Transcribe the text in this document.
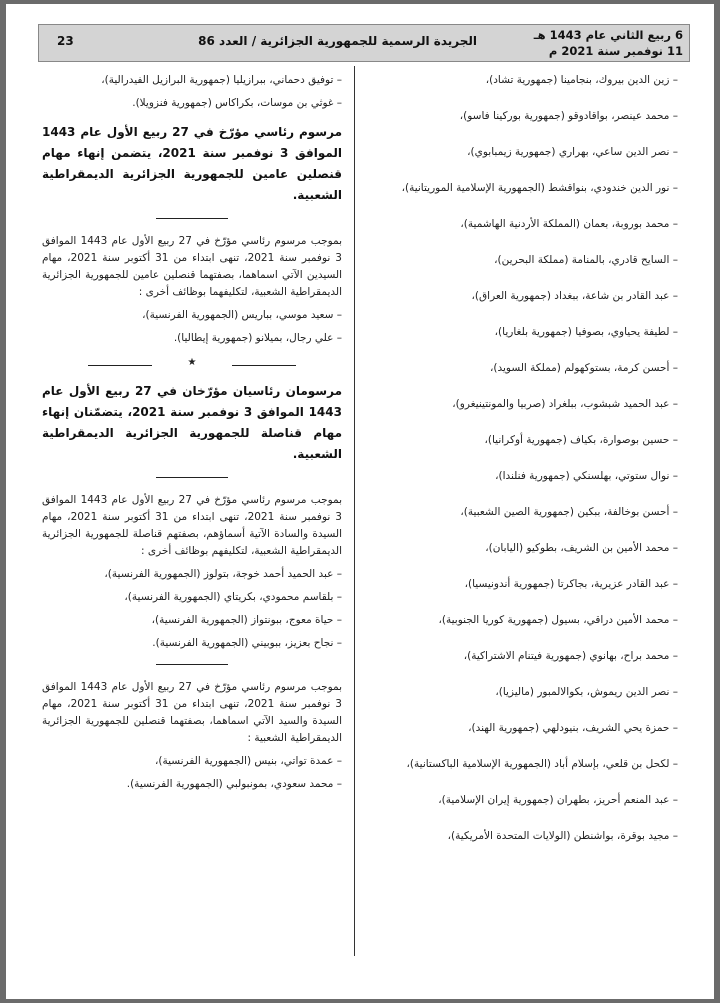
6 ربيع الثاني عام 1443 هـ
11 نوفمبر سنة 2021 م
الجريدة الرسمية للجمهورية الجزائرية / العدد 86
23

– زين الدين بيروك، بنجامينا (جمهورية تشاد)،

– محمد عينصر، بواقادوقو (جمهورية بوركينا فاسو)،

– نصر الدين ساعي، بهراري (جمهورية زيمبابوي)،

– نور الدين خندودي، بنواقشط (الجمهورية الإسلامية الموريتانية)،

– محمد بوروبة، بعمان (المملكة الأردنية الهاشمية)،

– السايح قادري، بالمنامة (مملكة البحرين)،

– عبد القادر بن شاعة، ببغداد (جمهورية العراق)،

– لطيفة يحياوي، بصوفيا (جمهورية بلغاريا)،

– أحسن كرمة، بستوكهولم (مملكة السويد)،

– عبد الحميد شبشوب، ببلغراد (صربيا والمونتينيغرو)،

– حسين بوصوارة، بكياف (جمهورية أوكرانيا)،

– نوال ستوتي، بهلسنكي (جمهورية فنلندا)،

– أحسن بوخالفة، ببكين (جمهورية الصين الشعبية)،

– محمد الأمين بن الشريف، بطوكيو (اليابان)،

– عبد القادر عزيرية، بجاكرتا (جمهورية أندونيسيا)،

– محمد الأمين دراقي، بسيول (جمهورية كوريا الجنوبية)،

– محمد براح، بهانوي (جمهورية فيتنام الاشتراكية)،

– نصر الدين ريموش، بكوالالمبور (ماليزيا)،

– حمزة يحي الشريف، بنيودلهي (جمهورية الهند)،

– لكحل بن قلعي، بإسلام أباد (الجمهورية الإسلامية الباكستانية)،

– عبد المنعم أحريز، بطهران (جمهورية إيران الإسلامية)،

– مجيد بوقرة، بواشنطن (الولايات المتحدة الأمريكية)،

– توفيق دحماني، ببرازيليا (جمهورية البرازيل الفيدرالية)،

– غوثي بن موسات، بكراكاس (جمهورية فنزويلا).

مرسوم رئاسي مؤرّخ في 27 ربيع الأول عام 1443 الموافق 3 نوفمبر سنة 2021، يتضمن إنهاء مهام قنصلين عامين للجمهورية الجزائرية الديمقراطية الشعبية.

بموجب مرسوم رئاسي مؤرّخ في 27 ربيع الأول عام 1443 الموافق 3 نوفمبر سنة 2021، تنهى ابتداء من 31 أكتوبر سنة 2021، مهام السيدين الآتي اسماهما، بصفتهما قنصلين عامين للجمهورية الجزائرية الديمقراطية الشعبية، لتكليفهما بوظائف أخرى :

– سعيد موسي، بباريس (الجمهورية الفرنسية)،

– علي رجال، بميلانو (جمهورية إيطاليا).

★
مرسومان رئاسيان مؤرّخان في 27 ربيع الأول عام 1443 الموافق 3 نوفمبر سنة 2021، يتضمّنان إنهاء مهام قناصلة للجمهورية الجزائرية الديمقراطية الشعبية.

بموجب مرسوم رئاسي مؤرّخ في 27 ربيع الأول عام 1443 الموافق 3 نوفمبر سنة 2021، تنهى ابتداء من 31 أكتوبر سنة 2021، مهام السيدة والسادة الآتية أسماؤهم، بصفتهم قناصلة للجمهورية الجزائرية الديمقراطية الشعبية، لتكليفهم بوظائف أخرى :

– عبد الحميد أحمد خوجة، بتولوز (الجمهورية الفرنسية)،

– بلقاسم محمودي، بكريتاي (الجمهورية الفرنسية)،

– حياة معوج، ببونتواز (الجمهورية الفرنسية)،

– نجاح بعزيز، ببوبيني (الجمهورية الفرنسية).

بموجب مرسوم رئاسي مؤرّخ في 27 ربيع الأول عام 1443 الموافق 3 نوفمبر سنة 2021، تنهى ابتداء من 31 أكتوبر سنة 2021، مهام السيدة والسيد الآتي اسماهما، بصفتهما قنصلين للجمهورية الجزائرية الديمقراطية الشعبية :

– عمدة تواتي، بنيس (الجمهورية الفرنسية)،

– محمد سعودي، بمونبولبي (الجمهورية الفرنسية).
